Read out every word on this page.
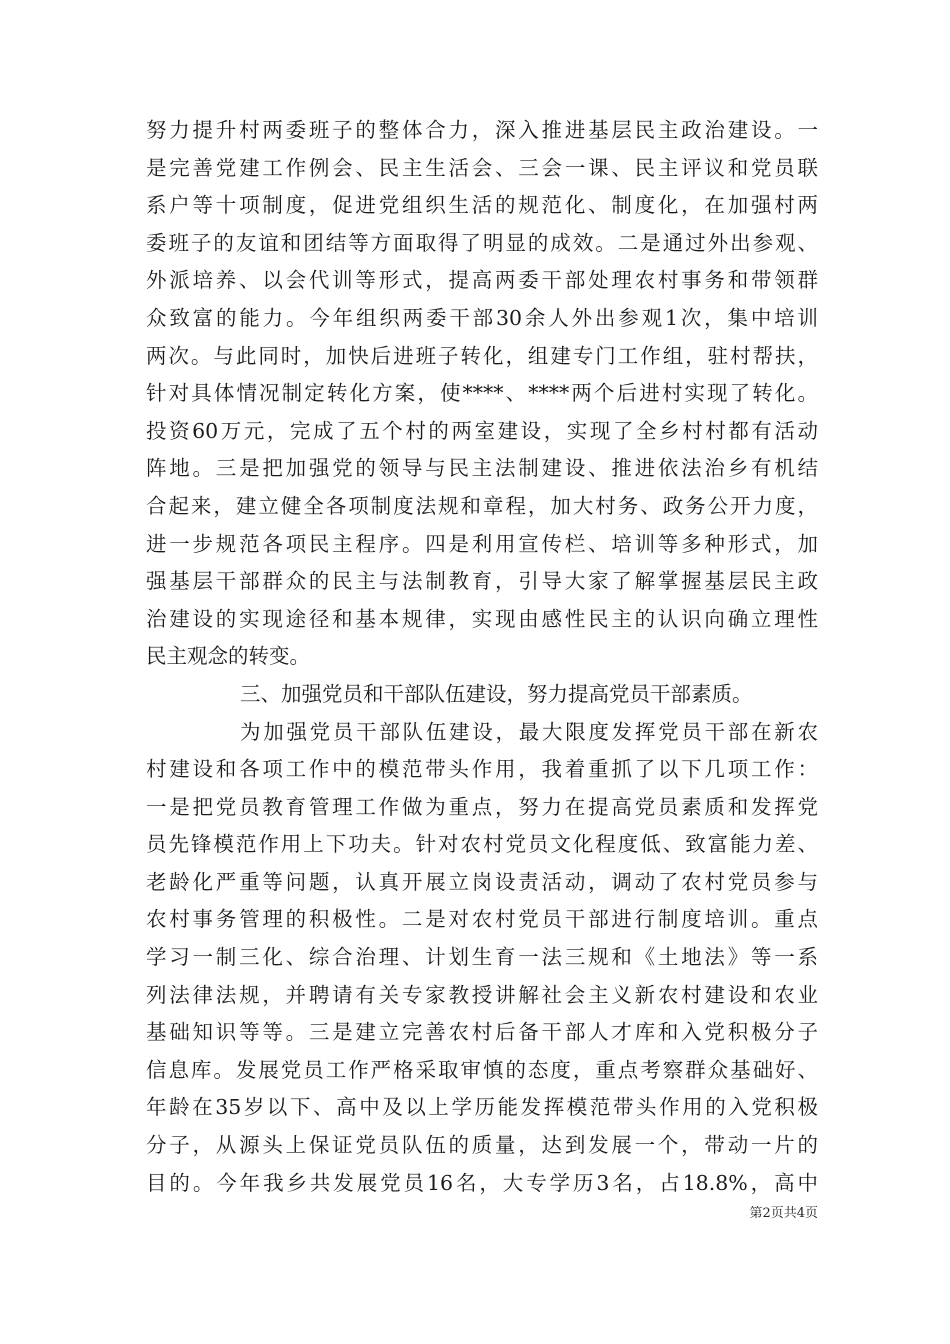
努力提升村两委班子的整体合力，深入推进基层民主政治建设。一
是完善党建工作例会、民主生活会、三会一课、民主评议和党员联
系户等十项制度，促进党组织生活的规范化、制度化，在加强村两
委班子的友谊和团结等方面取得了明显的成效。二是通过外出参观、
外派培养、以会代训等形式，提高两委干部处理农村事务和带领群
众致富的能力。今年组织两委干部30余人外出参观1次，集中培训
两次。与此同时，加快后进班子转化，组建专门工作组，驻村帮扶，
针对具体情况制定转化方案，使****、****两个后进村实现了转化。
投资60万元，完成了五个村的两室建设，实现了全乡村村都有活动
阵地。三是把加强党的领导与民主法制建设、推进依法治乡有机结
合起来，建立健全各项制度法规和章程，加大村务、政务公开力度，
进一步规范各项民主程序。四是利用宣传栏、培训等多种形式，加
强基层干部群众的民主与法制教育，引导大家了解掌握基层民主政
治建设的实现途径和基本规律，实现由感性民主的认识向确立理性
民主观念的转变。
三、加强党员和干部队伍建设，努力提高党员干部素质。
为加强党员干部队伍建设，最大限度发挥党员干部在新农
村建设和各项工作中的模范带头作用，我着重抓了以下几项工作：
一是把党员教育管理工作做为重点，努力在提高党员素质和发挥党
员先锋模范作用上下功夫。针对农村党员文化程度低、致富能力差、
老龄化严重等问题，认真开展立岗设责活动，调动了农村党员参与
农村事务管理的积极性。二是对农村党员干部进行制度培训。重点
学习一制三化、综合治理、计划生育一法三规和《土地法》等一系
列法律法规，并聘请有关专家教授讲解社会主义新农村建设和农业
基础知识等等。三是建立完善农村后备干部人才库和入党积极分子
信息库。发展党员工作严格采取审慎的态度，重点考察群众基础好、
年龄在35岁以下、高中及以上学历能发挥模范带头作用的入党积极
分子，从源头上保证党员队伍的质量，达到发展一个，带动一片的
目的。今年我乡共发展党员16名，大专学历3名，占18.8%，高中
第2页共4页
